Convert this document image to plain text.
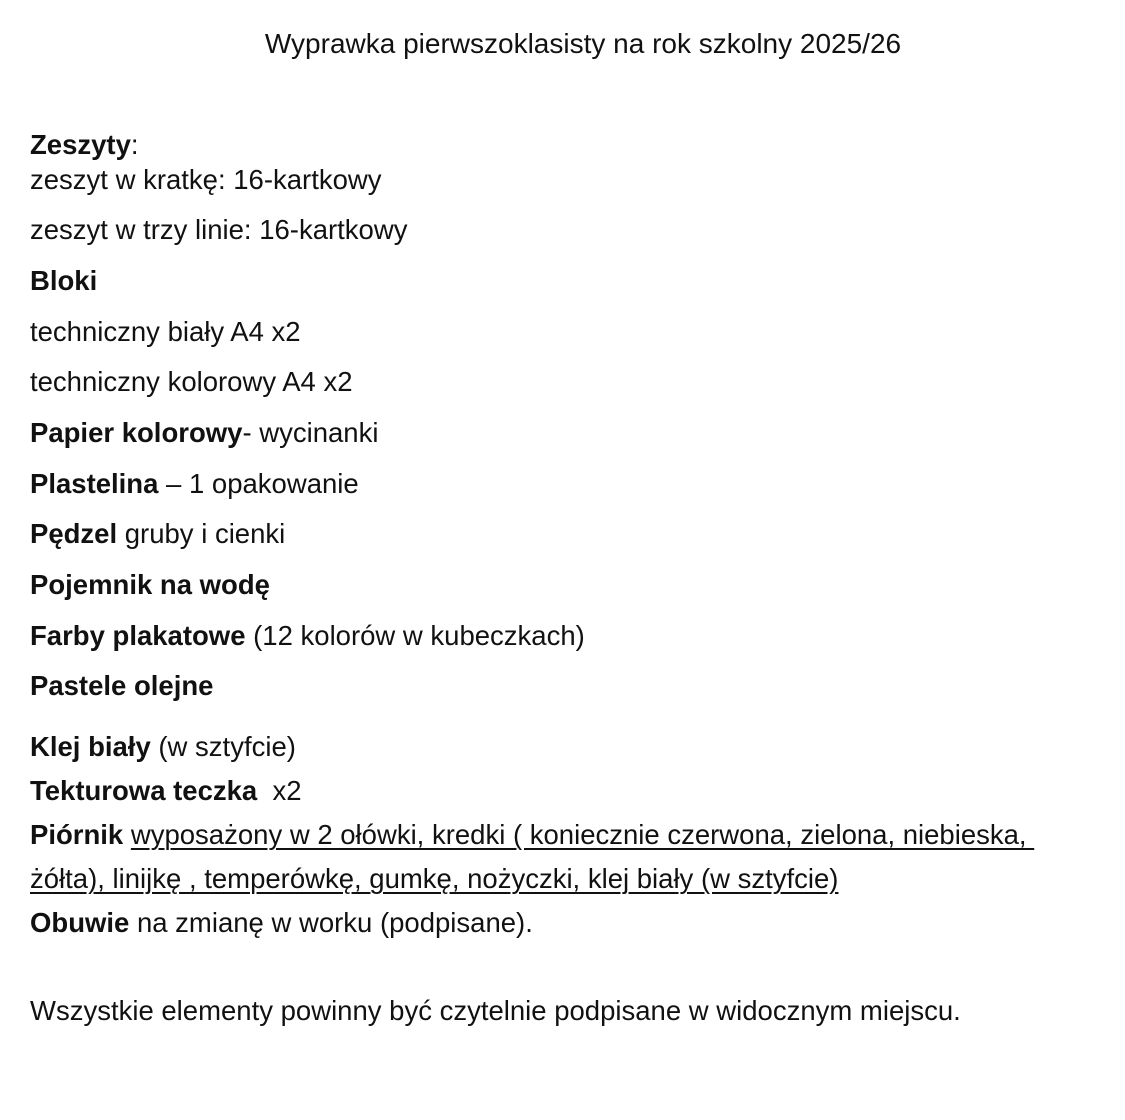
Wyprawka pierwszoklasisty na rok szkolny 2025/26
Zeszyty:
zeszyt w kratkę: 16-kartkowy
zeszyt w trzy linie: 16-kartkowy
Bloki
techniczny biały A4 x2
techniczny kolorowy A4 x2
Papier kolorowy- wycinanki
Plastelina – 1 opakowanie
Pędzel gruby i cienki
Pojemnik na wodę
Farby plakatowe (12 kolorów w kubeczkach)
Pastele olejne
Klej biały (w sztyfcie)
Tekturowa teczka  x2
Piórnik wyposażony w 2 ołówki, kredki ( koniecznie czerwona, zielona, niebieska,
żółta), linijkę , temperówkę, gumkę, nożyczki, klej biały (w sztyfcie)
Obuwie na zmianę w worku (podpisane).
Wszystkie elementy powinny być czytelnie podpisane w widocznym miejscu.
